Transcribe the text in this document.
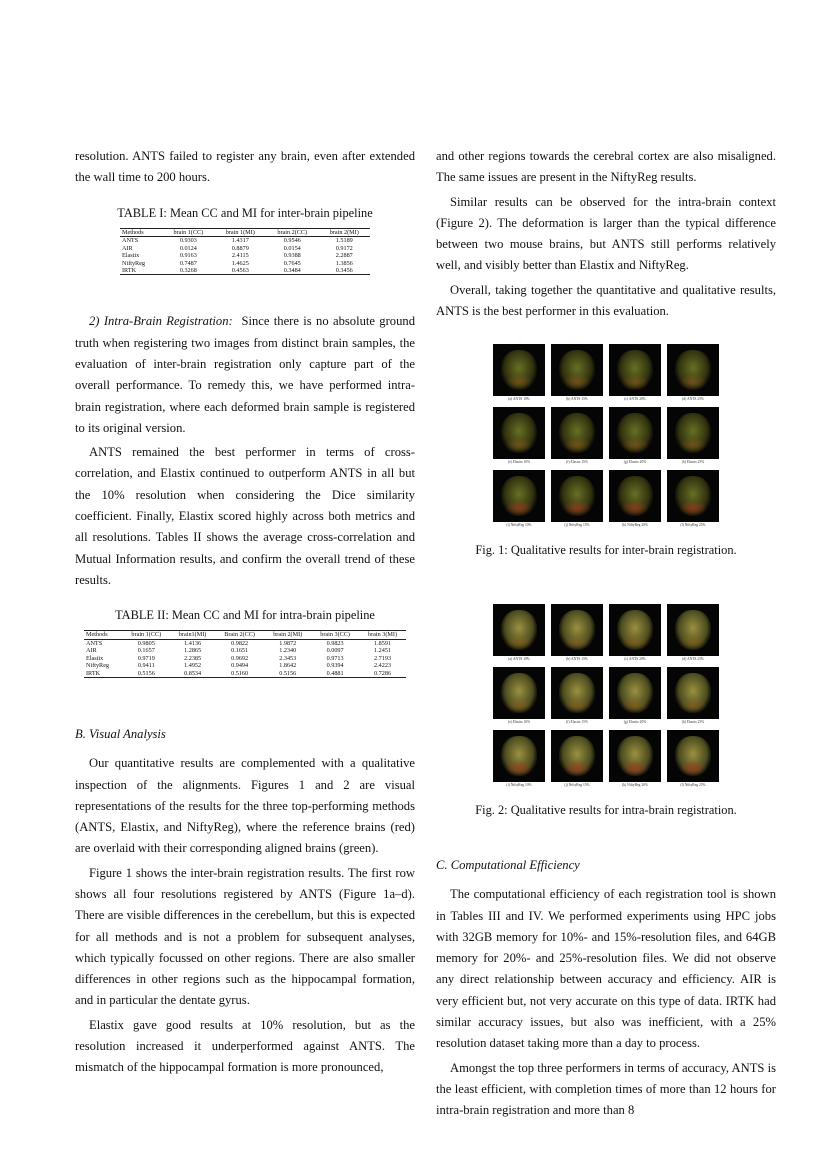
resolution. ANTS failed to register any brain, even after extended the wall time to 200 hours.

TABLE I: Mean CC and MI for inter-brain pipeline
Methods	brain 1(CC)	brain 1(MI)	brain 2(CC)	brain 2(MI)
ANTS	0.9303	1.4317	0.9546	1.5189
AIR	0.0124	0.8879	0.0154	0.9172
Elastix	0.9163	2.4115	0.9388	2.2887
NiftyReg	0.7487	1.4625	0.7645	1.3856
IRTK	0.3268	0.4563	0.3484	0.3456

2) Intra-Brain Registration: Since there is no absolute ground truth when registering two images from distinct brain samples, the evaluation of inter-brain registration only capture part of the overall performance. To remedy this, we have performed intra-brain registration, where each deformed brain sample is registered to its original version.

ANTS remained the best performer in terms of cross-correlation, and Elastix continued to outperform ANTS in all but the 10% resolution when considering the Dice similarity coefficient. Finally, Elastix scored highly across both metrics and all resolutions. Tables II shows the average cross-correlation and Mutual Information results, and confirm the overall trend of these results.

TABLE II: Mean CC and MI for intra-brain pipeline
Methods	brain 1(CC)	brain1(MI)	Brain 2(CC)	brain 2(MI)	brain 3(CC)	brain 3(MI)
ANTS	0.9805	1.4136	0.9822	1.9872	0.9823	1.8591
AIR	0.1657	1.2865	0.1651	1.2340	0.0097	1.2451
Elastix	0.9719	2.2385	0.9692	2.3453	0.9713	2.7193
NiftyReg	0.9411	1.4952	0.9494	1.8642	0.9394	2.4223
IRTK	0.5156	0.8534	0.5160	0.5156	0.4881	0.7286

B. Visual Analysis

Our quantitative results are complemented with a qualitative inspection of the alignments. Figures 1 and 2 are visual representations of the results for the three top-performing methods (ANTS, Elastix, and NiftyReg), where the reference brains (red) are overlaid with their corresponding aligned brains (green).

Figure 1 shows the inter-brain registration results. The first row shows all four resolutions registered by ANTS (Figure 1a–d). There are visible differences in the cerebellum, but this is expected for all methods and is not a problem for subsequent analyses, which typically focussed on other regions. There are also smaller differences in other regions such as the hippocampal formation, and in particular the dentate gyrus.

Elastix gave good results at 10% resolution, but as the resolution increased it underperformed against ANTS. The mismatch of the hippocampal formation is more pronounced,

and other regions towards the cerebral cortex are also misaligned. The same issues are present in the NiftyReg results.

Similar results can be observed for the intra-brain context (Figure 2). The deformation is larger than the typical difference between two mouse brains, but ANTS still performs relatively well, and visibly better than Elastix and NiftyReg.

Overall, taking together the quantitative and qualitative results, ANTS is the best performer in this evaluation.

(a) ANTS 10%	(b) ANTS 15%	(c) ANTS 20%	(d) ANTS 25%
(e) Elastix 10%	(f) Elastix 15%	(g) Elastix 20%	(h) Elastix 25%
(i) NiftyReg 10%	(j) NiftyReg 15%	(k) NiftyReg 20%	(l) NiftyReg 25%
Fig. 1: Qualitative results for inter-brain registration.
(a) ANTS 10%	(b) ANTS 15%	(c) ANTS 20%	(d) ANTS 25%
(e) Elastix 10%	(f) Elastix 15%	(g) Elastix 20%	(h) Elastix 25%
(i) NiftyReg 10%	(j) NiftyReg 15%	(k) NiftyReg 20%	(l) NiftyReg 25%
Fig. 2: Qualitative results for intra-brain registration.

C. Computational Efficiency

The computational efficiency of each registration tool is shown in Tables III and IV. We performed experiments using HPC jobs with 32GB memory for 10%- and 15%-resolution files, and 64GB memory for 20%- and 25%-resolution files. We did not observe any direct relationship between accuracy and efficiency. AIR is very efficient but, not very accurate on this type of data. IRTK had similar accuracy issues, but also was inefficient, with a 25% resolution dataset taking more than a day to process.

Amongst the top three performers in terms of accuracy, ANTS is the least efficient, with completion times of more than 12 hours for intra-brain registration and more than 8
